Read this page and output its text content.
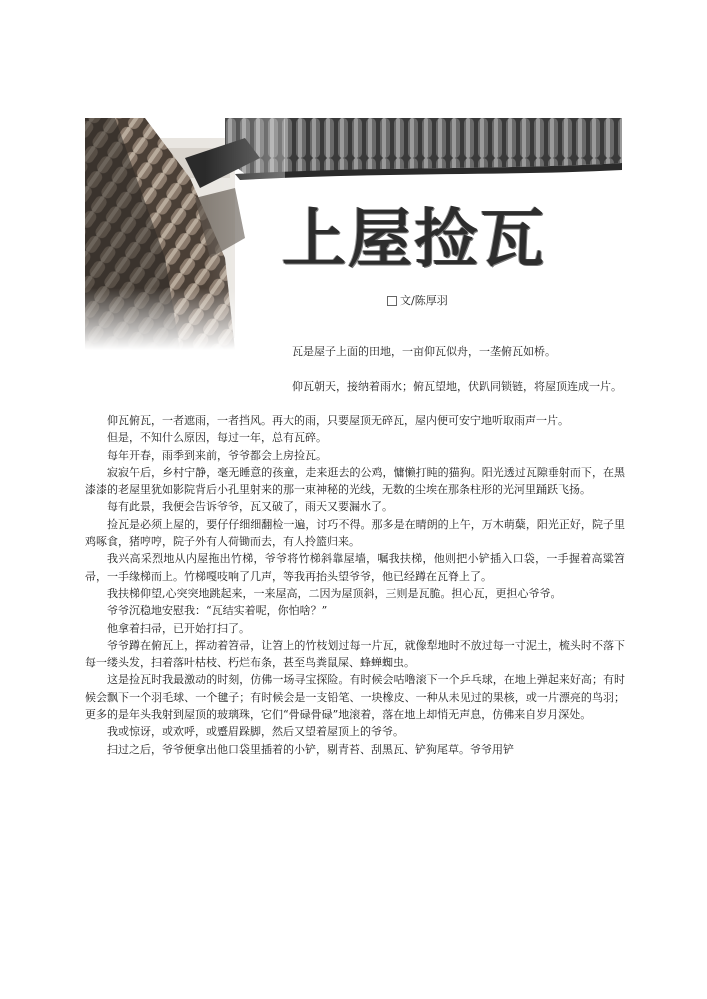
上屋捡瓦
文/陈厚羽

瓦是屋子上面的田地，一亩仰瓦似舟，一垄俯瓦如桥。

仰瓦朝天，接纳着雨水；俯瓦望地，伏趴同锁链，将屋顶连成一片。

仰瓦俯瓦，一者遮雨，一者挡风。再大的雨，只要屋顶无碎瓦，屋内便可安宁地听取雨声一片。

但是，不知什么原因，每过一年，总有瓦碎。

每年开春，雨季到来前，爷爷都会上房捡瓦。

寂寂午后，乡村宁静，毫无睡意的孩童，走来逛去的公鸡，慵懒打盹的猫狗。阳光透过瓦隙垂射而下，在黑漆漆的老屋里犹如影院背后小孔里射来的那一束神秘的光线，无数的尘埃在那条柱形的光河里踊跃飞扬。

每有此景，我便会告诉爷爷，瓦又破了，雨天又要漏水了。

捡瓦是必须上屋的，要仔仔细细翻检一遍，讨巧不得。那多是在晴朗的上午，万木萌蘖，阳光正好，院子里鸡啄食，猪哼哼，院子外有人荷锄而去，有人拎篮归来。

我兴高采烈地从内屋拖出竹梯，爷爷将竹梯斜靠屋墙，嘱我扶梯，他则把小铲插入口袋，一手握着高粱笤帚，一手缘梯而上。竹梯嘎吱响了几声，等我再抬头望爷爷，他已经蹲在瓦脊上了。

我扶梯仰望,心突突地跳起来，一来屋高，二因为屋顶斜，三则是瓦脆。担心瓦，更担心爷爷。

爷爷沉稳地安慰我：“瓦结实着呢，你怕啥？”

他拿着扫帚，已开始打扫了。

爷爷蹲在俯瓦上，挥动着笤帚，让笤上的竹枝划过每一片瓦，就像犁地时不放过每一寸泥土，梳头时不落下每一缕头发，扫着落叶枯枝、朽烂布条，甚至鸟粪鼠屎、蜂蝉蜘虫。

这是捡瓦时我最激动的时刻，仿佛一场寻宝探险。有时候会咕噜滚下一个乒乓球，在地上弹起来好高；有时候会飘下一个羽毛球、一个毽子；有时候会是一支铅笔、一块橡皮、一种从未见过的果核，或一片漂亮的鸟羽；更多的是年头我射到屋顶的玻璃珠，它们“骨碌骨碌”地滚着，落在地上却悄无声息，仿佛来自岁月深处。

我或惊讶，或欢呼，或蹙眉跺脚，然后又望着屋顶上的爷爷。

扫过之后，爷爷便拿出他口袋里插着的小铲，剔青苔、刮黑瓦、铲狗尾草。爷爷用铲
